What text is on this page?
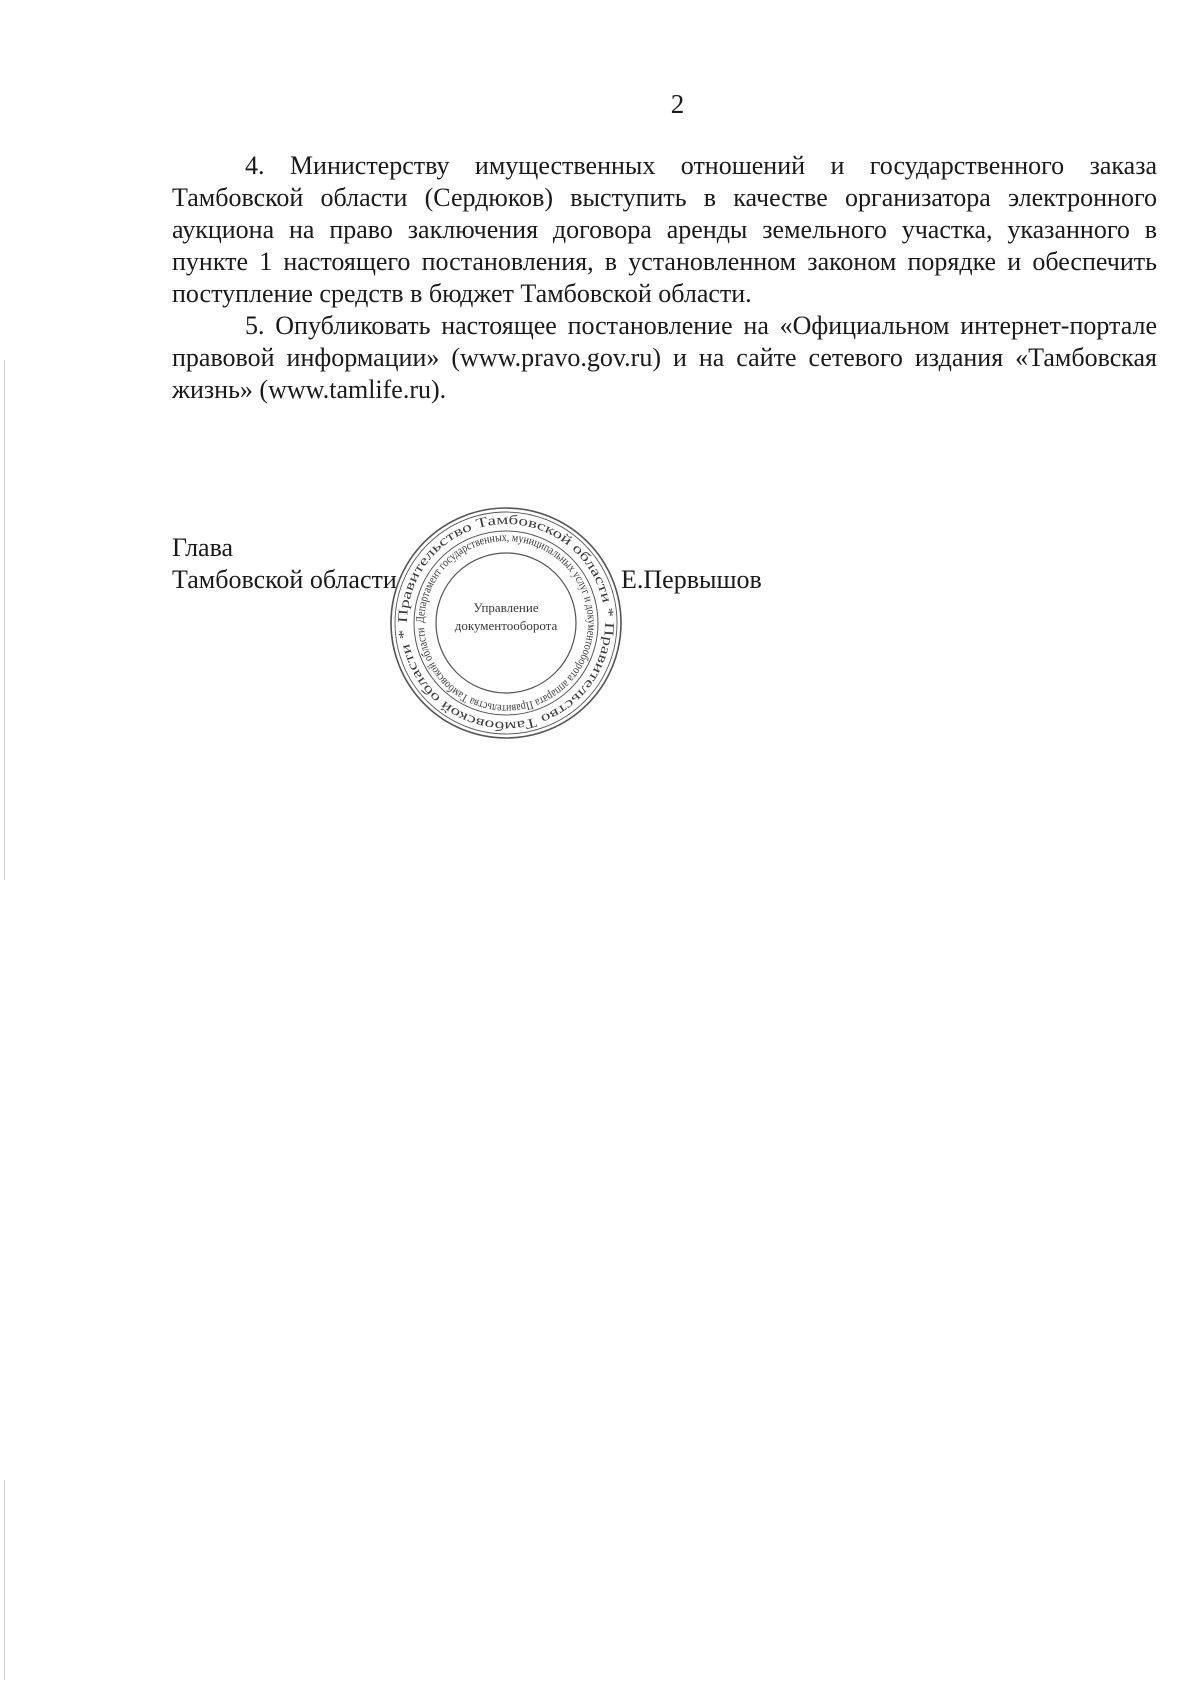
2

4. Министерству имущественных отношений и государственного заказа Тамбовской области (Сердюков) выступить в качестве организатора электронного аукциона на право заключения договора аренды земельного участка, указанного в пункте 1 настоящего постановления, в установленном законом порядке и обеспечить поступление средств в бюджет Тамбовской области.

5. Опубликовать настоящее постановление на «Официальном интернет-портале правовой информации» (www.pravo.gov.ru) и на сайте сетевого издания «Тамбовская жизнь» (www.tamlife.ru).

Глава
Тамбовской области	Е.Первышов
Правительство Тамбовской области * Правительство Тамбовской области *
Департамент государственных, муниципальных услуг и документооборота аппарата Правительства Тамбовской области
Управление
документооборота
